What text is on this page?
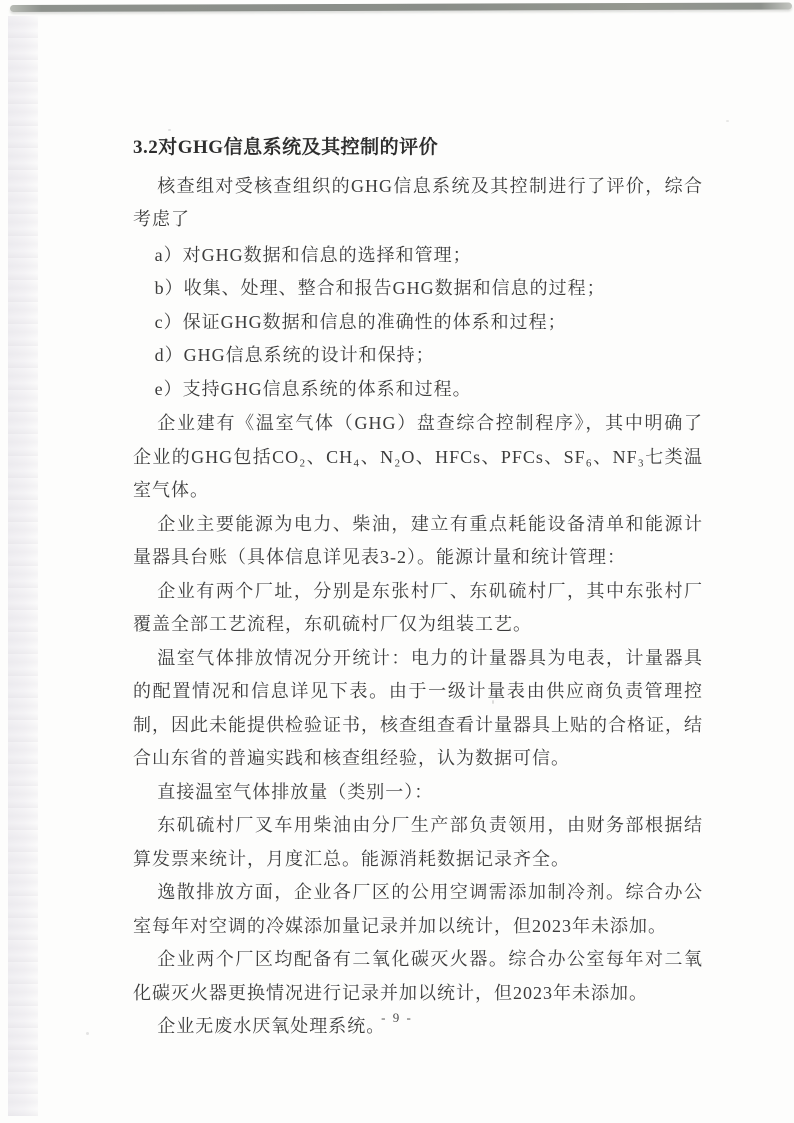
3.2对GHG信息系统及其控制的评价

核查组对受核查组织的GHG信息系统及其控制进行了评价，综合考虑了

a）对GHG数据和信息的选择和管理；

b）收集、处理、整合和报告GHG数据和信息的过程；

c）保证GHG数据和信息的准确性的体系和过程；

d）GHG信息系统的设计和保持；

e）支持GHG信息系统的体系和过程。

企业建有《温室气体（GHG）盘查综合控制程序》，其中明确了企业的GHG包括CO₂、CH₄、N₂O、HFCs、PFCs、SF₆、NF₃七类温室气体。

企业主要能源为电力、柴油，建立有重点耗能设备清单和能源计量器具台账（具体信息详见表3-2）。能源计量和统计管理：

企业有两个厂址，分别是东张村厂、东矶硫村厂，其中东张村厂覆盖全部工艺流程，东矶硫村厂仅为组装工艺。

温室气体排放情况分开统计：电力的计量器具为电表，计量器具的配置情况和信息详见下表。由于一级计量表由供应商负责管理控制，因此未能提供检验证书，核查组查看计量器具上贴的合格证，结合山东省的普遍实践和核查组经验，认为数据可信。

直接温室气体排放量（类别一）：

东矶硫村厂叉车用柴油由分厂生产部负责领用，由财务部根据结算发票来统计，月度汇总。能源消耗数据记录齐全。

逸散排放方面，企业各厂区的公用空调需添加制冷剂。综合办公室每年对空调的冷媒添加量记录并加以统计，但2023年未添加。

企业两个厂区均配备有二氧化碳灭火器。综合办公室每年对二氧化碳灭火器更换情况进行记录并加以统计，但2023年未添加。

企业无废水厌氧处理系统。

- 9 -
